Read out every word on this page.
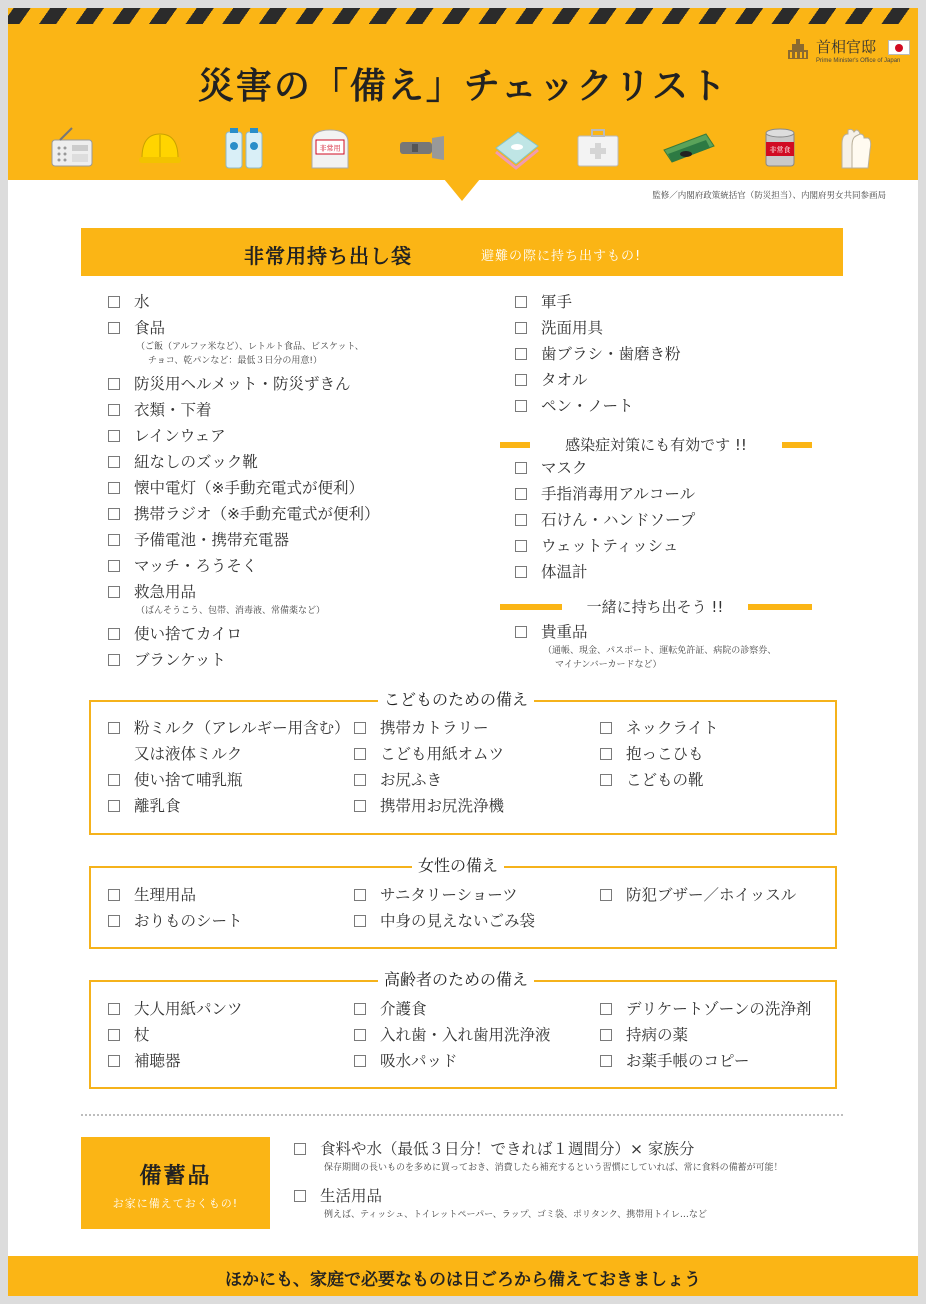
首相官邸
Prime Minister's Office of Japan
災害の「備え」チェックリスト
非常用	非常食
監修／内閣府政策統括官（防災担当）、内閣府男女共同参画局
非常用持ち出し袋	避難の際に持ち出すもの!
水
食品
（ご飯（アルファ米など）、レトルト食品、ビスケット、
チョコ、乾パンなど：最低３日分の用意!）
防災用ヘルメット・防災ずきん
衣類・下着
レインウェア
紐なしのズック靴
懐中電灯（※手動充電式が便利）
携帯ラジオ（※手動充電式が便利）
予備電池・携帯充電器
マッチ・ろうそく
救急用品
（ばんそうこう、包帯、消毒液、常備薬など）
使い捨てカイロ
ブランケット
軍手
洗面用具
歯ブラシ・歯磨き粉
タオル
ペン・ノート
感染症対策にも有効です !!
マスク
手指消毒用アルコール
石けん・ハンドソープ
ウェットティッシュ
体温計
一緒に持ち出そう !!
貴重品
（通帳、現金、パスポート、運転免許証、病院の診察券、
マイナンバーカードなど）
こどものための備え
粉ミルク（アレルギー用含む）
又は液体ミルク
使い捨て哺乳瓶
離乳食
携帯カトラリー
こども用紙オムツ
お尻ふき
携帯用お尻洗浄機
ネックライト
抱っこひも
こどもの靴
女性の備え
生理用品
おりものシート
サニタリーショーツ
中身の見えないごみ袋
防犯ブザー／ホイッスル
高齢者のための備え
大人用紙パンツ
杖
補聴器
介護食
入れ歯・入れ歯用洗浄液
吸水パッド
デリケートゾーンの洗浄剤
持病の薬
お薬手帳のコピー
備蓄品
お家に備えておくもの!
食料や水（最低３日分！できれば１週間分）× 家族分
保存期間の長いものを多めに買っておき、消費したら補充するという習慣にしていれば、常に食料の備蓄が可能！
生活用品
例えば、ティッシュ、トイレットペーパー、ラップ、ゴミ袋、ポリタンク、携帯用トイレ…など
ほかにも、家庭で必要なものは日ごろから備えておきましょう
